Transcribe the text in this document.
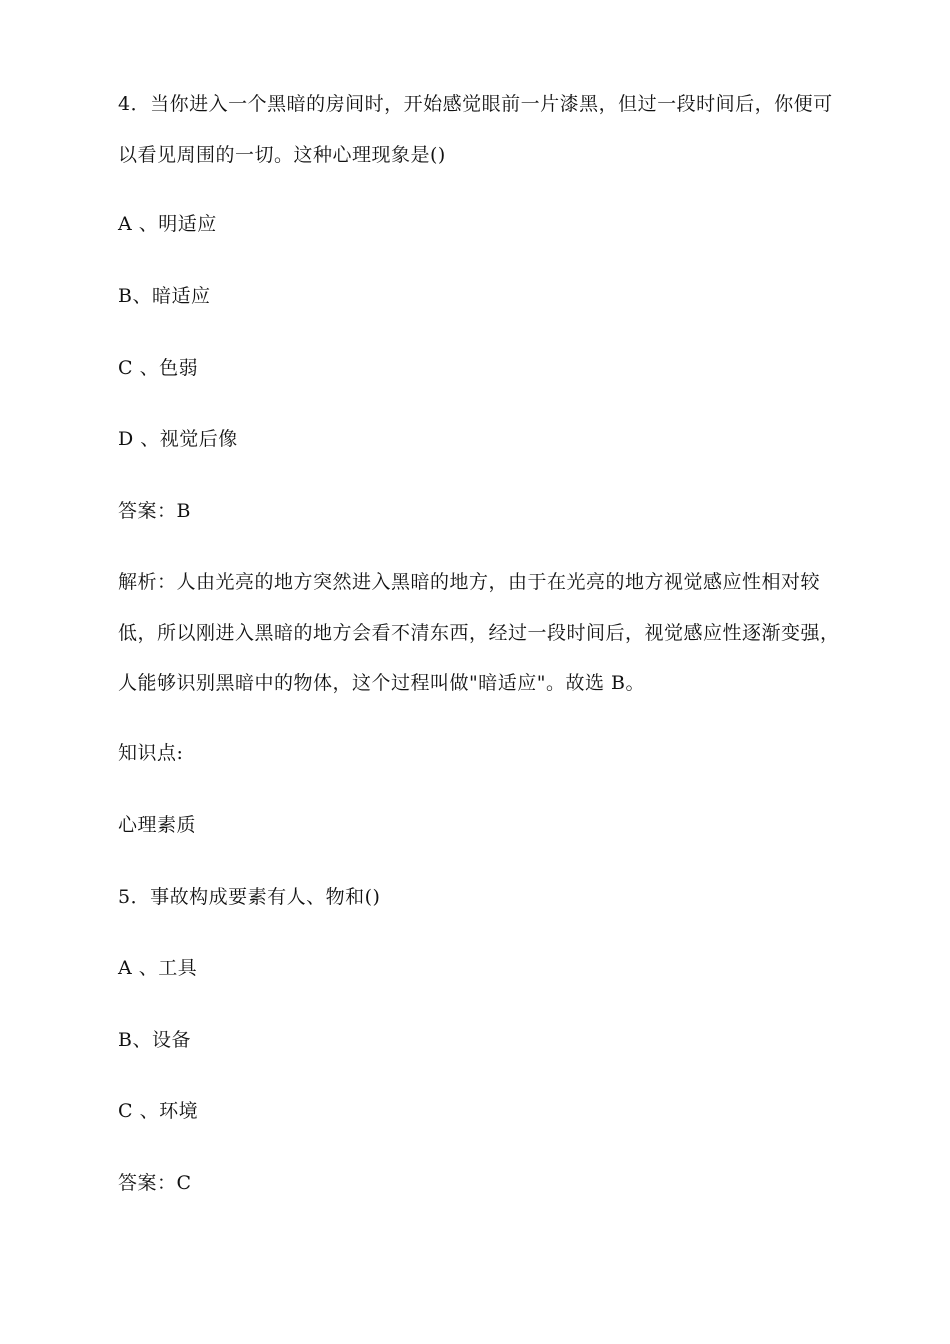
4．当你进入一个黑暗的房间时，开始感觉眼前一片漆黑，但过一段时间后，你便可
以看见周围的一切。这种心理现象是()
A 、明适应
B、暗适应
C 、色弱
D 、视觉后像
答案：B
解析：人由光亮的地方突然进入黑暗的地方，由于在光亮的地方视觉感应性相对较
低，所以刚进入黑暗的地方会看不清东西，经过一段时间后，视觉感应性逐渐变强，
人能够识别黑暗中的物体，这个过程叫做"暗适应"。故选 B。
知识点:
心理素质
5．事故构成要素有人、物和()
A 、工具
B、设备
C 、环境
答案：C
